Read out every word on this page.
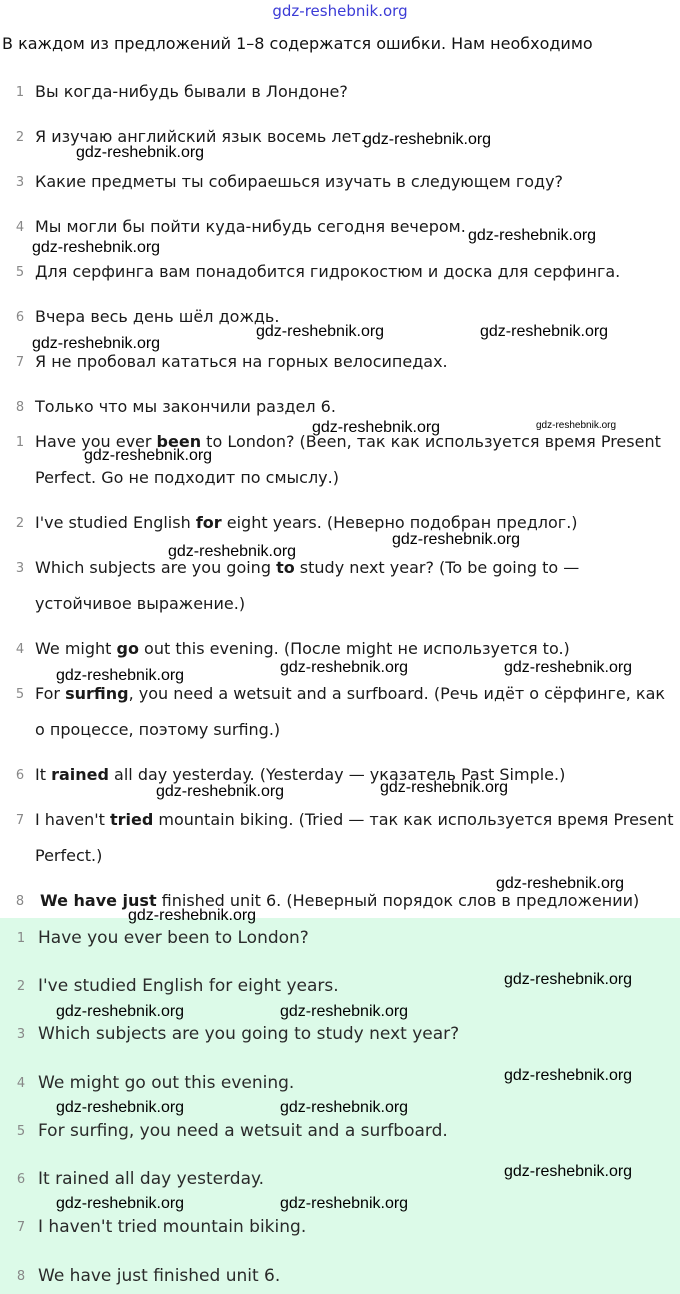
gdz-reshebnik.org
В каждом из предложений 1–8 содержатся ошибки. Нам необходимо
1 Вы когда-нибудь бывали в Лондоне?
2 Я изучаю английский язык восемь лет.
3 Какие предметы ты собираешься изучать в следующем году?
4 Мы могли бы пойти куда-нибудь сегодня вечером.
5 Для серфинга вам понадобится гидрокостюм и доска для серфинга.
6 Вчера весь день шёл дождь.
7 Я не пробовал кататься на горных велосипедах.
8 Только что мы закончили раздел 6.
1 Have you ever been to London? (Been, так как используется время Present Perfect. Go не подходит по смыслу.)
2 I've studied English for eight years. (Неверно подобран предлог.)
3 Which subjects are you going to study next year? (To be going to — устойчивое выражение.)
4 We might go out this evening. (После might не используется to.)
5 For surfing, you need a wetsuit and a surfboard. (Речь идёт о сёрфинге, как о процессе, поэтому surfing.)
6 It rained all day yesterday. (Yesterday — указатель Past Simple.)
7 I haven't tried mountain biking. (Tried — так как используется время Present Perfect.)
8 We have just finished unit 6. (Неверный порядок слов в предложении)
1 Have you ever been to London?
2 I've studied English for eight years.
3 Which subjects are you going to study next year?
4 We might go out this evening.
5 For surfing, you need a wetsuit and a surfboard.
6 It rained all day yesterday.
7 I haven't tried mountain biking.
8 We have just finished unit 6.
gdz-reshebnik.org
gdz-reshebnik.org
gdz-reshebnik.org
gdz-reshebnik.org
gdz-reshebnik.org	gdz-reshebnik.org
gdz-reshebnik.org
gdz-reshebnik.org	gdz-reshebnik.org
gdz-reshebnik.org
gdz-reshebnik.org
gdz-reshebnik.org
gdz-reshebnik.org	gdz-reshebnik.org
gdz-reshebnik.org
gdz-reshebnik.org
gdz-reshebnik.org
gdz-reshebnik.org
gdz-reshebnik.org
gdz-reshebnik.org
gdz-reshebnik.org	gdz-reshebnik.org
gdz-reshebnik.org
gdz-reshebnik.org	gdz-reshebnik.org
gdz-reshebnik.org
gdz-reshebnik.org	gdz-reshebnik.org
